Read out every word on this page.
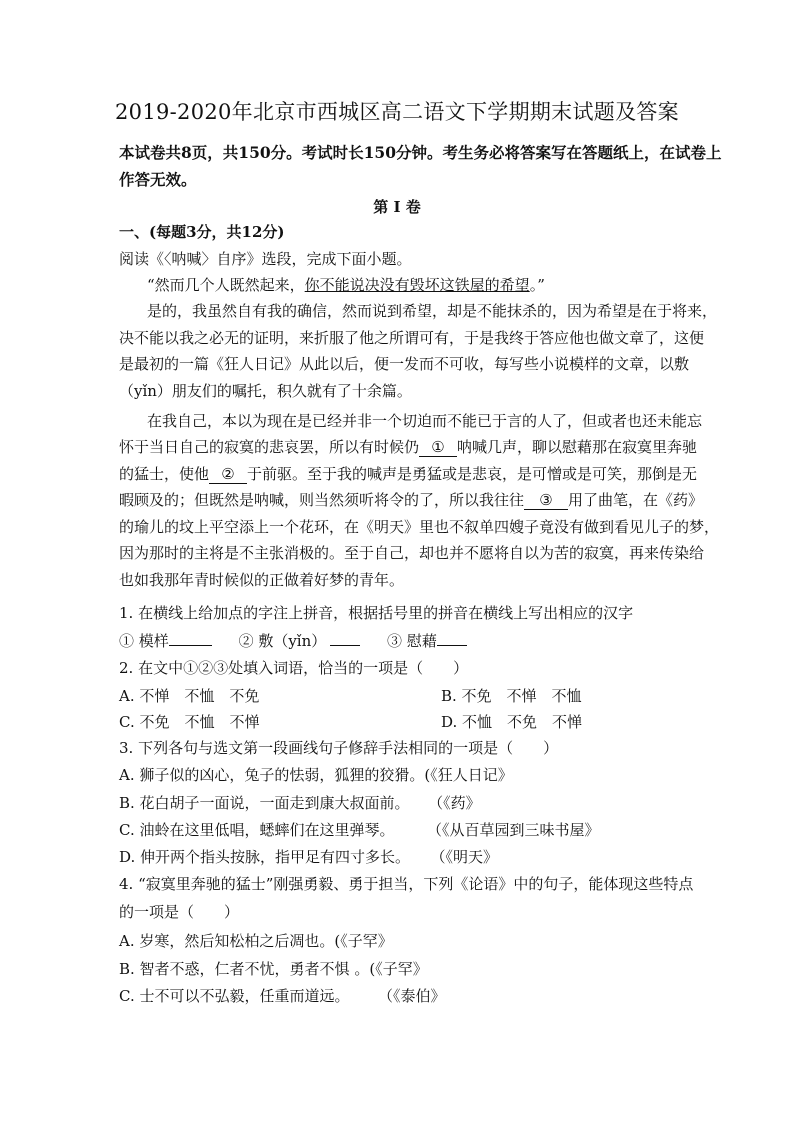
2019-2020年北京市西城区高二语文下学期期末试题及答案
本试卷共8页，共150分。考试时长150分钟。考生务必将答案写在答题纸上，在试卷上
作答无效。
第 I 卷
一、(每题3分，共12分)
阅读《〈呐喊〉自序》选段，完成下面小题。
“然而几个人既然起来，你不能说决没有毁坏这铁屋的希望。”
是的，我虽然自有我的确信，然而说到希望，却是不能抹杀的，因为希望是在于将来，
决不能以我之必无的证明，来折服了他之所谓可有，于是我终于答应他也做文章了，这便
是最初的一篇《狂人日记》从此以后，便一发而不可收，每写些小说模样的文章，以敷
（yǐn）朋友们的嘱托，积久就有了十余篇。
在我自己，本以为现在是已经并非一个切迫而不能已于言的人了，但或者也还未能忘
怀于当日自己的寂寞的悲哀罢，所以有时候仍 ① 呐喊几声，聊以慰藉那在寂寞里奔驰
的猛士，使他 ② 于前驱。至于我的喊声是勇猛或是悲哀，是可憎或是可笑，那倒是无
暇顾及的；但既然是呐喊，则当然须听将令的了，所以我往往 ③ 用了曲笔，在《药》
的瑜儿的坟上平空添上一个花环，在《明天》里也不叙单四嫂子竟没有做到看见儿子的梦，
因为那时的主将是不主张消极的。至于自己，却也并不愿将自以为苦的寂寞，再来传染给
也如我那年青时候似的正做着好梦的青年。
1. 在横线上给加点的字注上拼音，根据括号里的拼音在横线上写出相应的汉字
① 模样	② 敷（yǐn）	③ 慰藉
2. 在文中①②③处填入词语，恰当的一项是（　　）
A. 不惮　不恤　不免	B. 不免　不惮　不恤
C. 不免　不恤　不惮	D. 不恤　不免　不惮
3. 下列各句与选文第一段画线句子修辞手法相同的一项是（　　）
A. 狮子似的凶心，兔子的怯弱，狐狸的狡猾。(《狂人日记》
B. 花白胡子一面说，一面走到康大叔面前。 （《药》
C. 油蛉在这里低唱，蟋蟀们在这里弹琴。	（《从百草园到三味书屋》
D. 伸开两个指头按脉，指甲足有四寸多长。 （《明天》
4. “寂寞里奔驰的猛士”刚强勇毅、勇于担当，下列《论语》中的句子，能体现这些特点
的一项是（　　）
A. 岁寒，然后知松柏之后凋也。(《子罕》
B. 智者不惑，仁者不忧，勇者不惧 。(《子罕》
C. 士不可以不弘毅，任重而道远。 （《泰伯》
